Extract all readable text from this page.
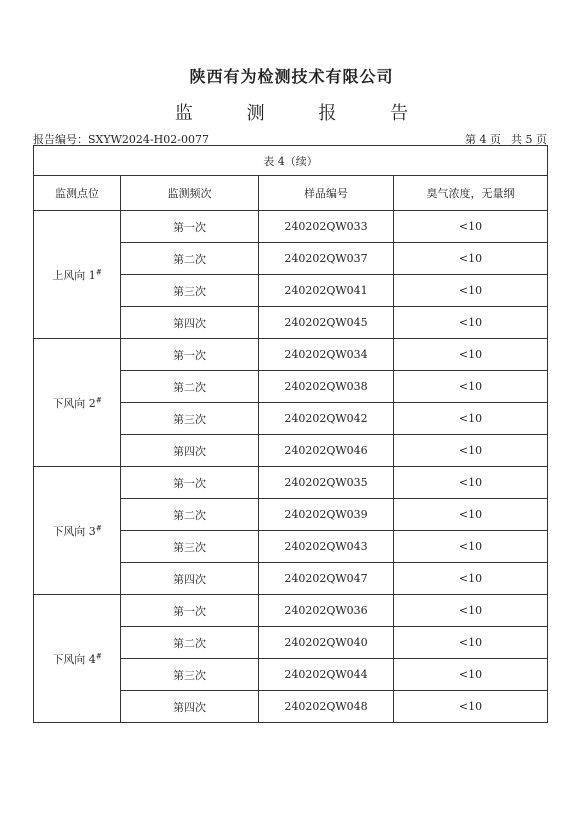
陕西有为检测技术有限公司
监 测 报 告
报告编号：SXYW2024-H02-0077	第 4 页 共 5 页
表 4（续）			
监测点位	监测频次	样品编号	臭气浓度，无量纲
上风向 1#	第一次	240202QW033	<10
	第二次	240202QW037	<10
	第三次	240202QW041	<10
	第四次	240202QW045	<10
下风向 2#	第一次	240202QW034	<10
	第二次	240202QW038	<10
	第三次	240202QW042	<10
	第四次	240202QW046	<10
下风向 3#	第一次	240202QW035	<10
	第二次	240202QW039	<10
	第三次	240202QW043	<10
	第四次	240202QW047	<10
下风向 4#	第一次	240202QW036	<10
	第二次	240202QW040	<10
	第三次	240202QW044	<10
	第四次	240202QW048	<10
